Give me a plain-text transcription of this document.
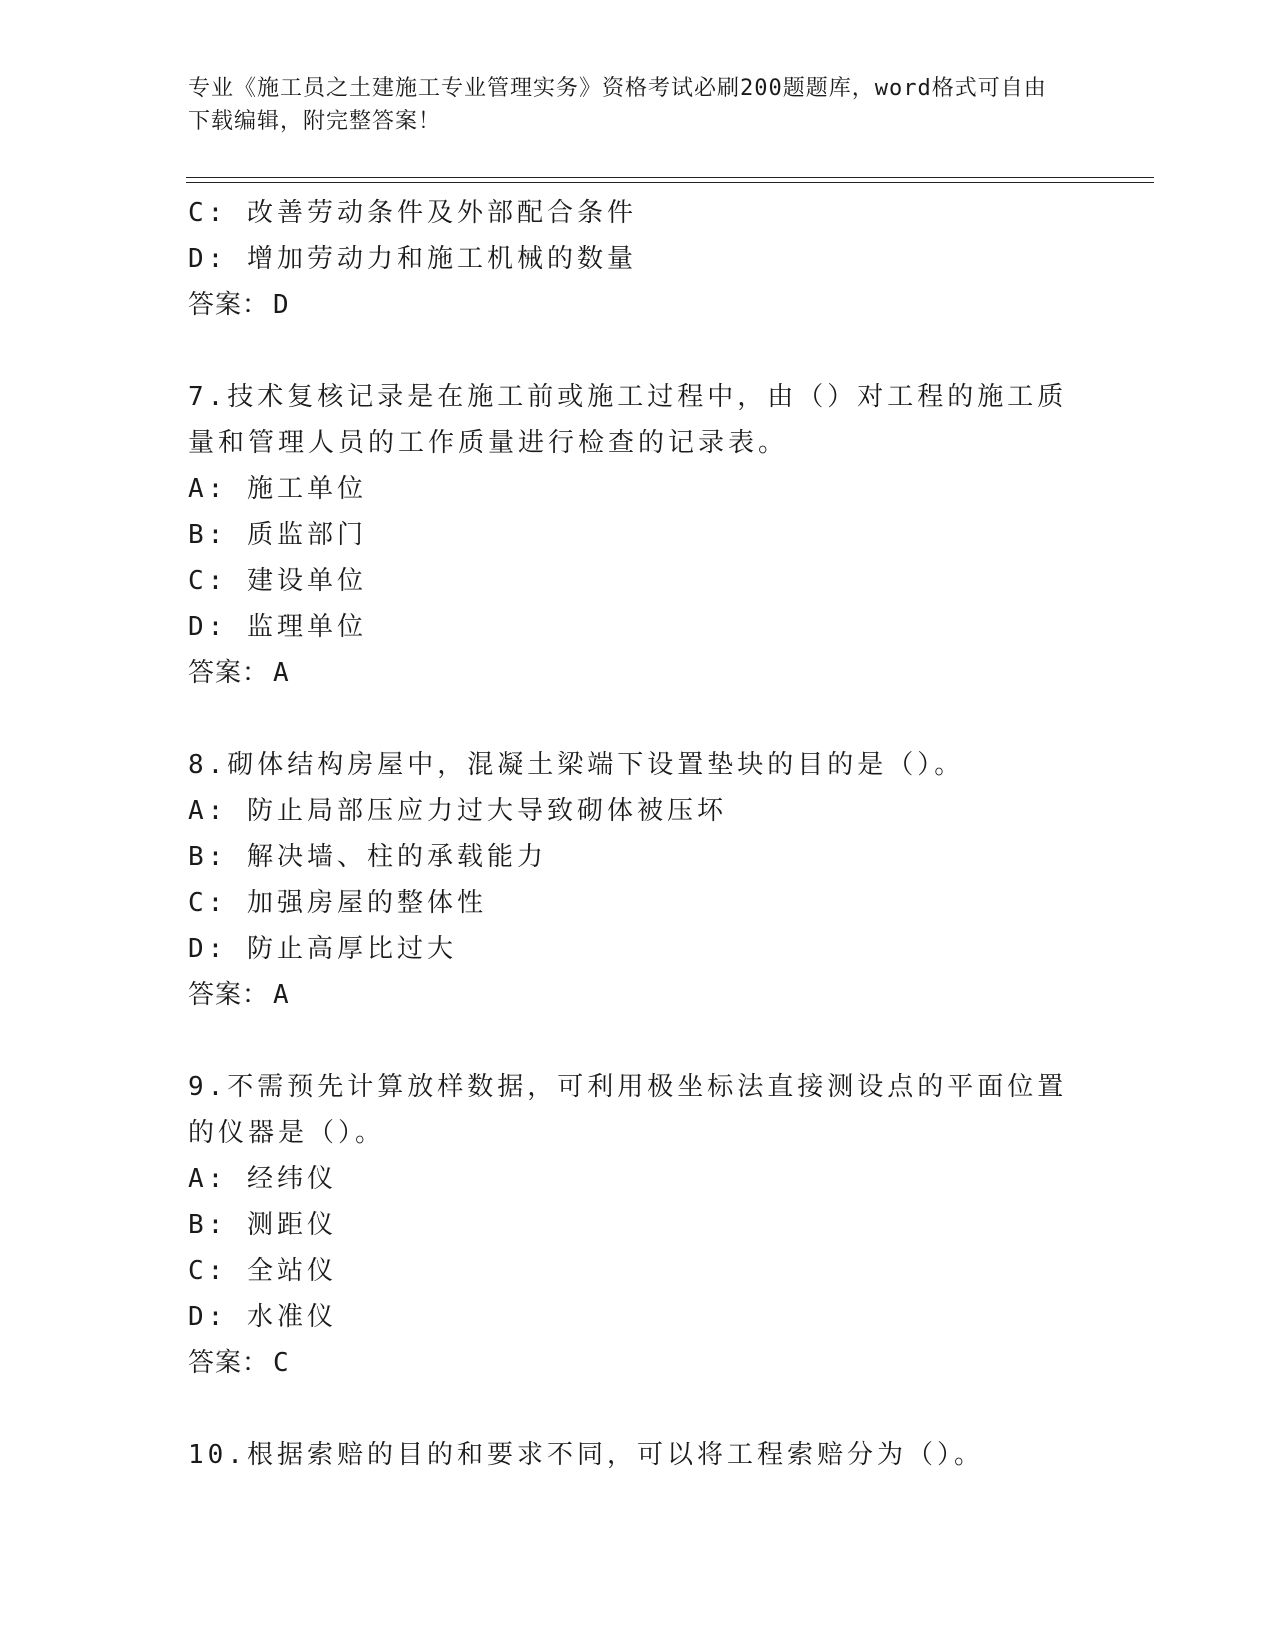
专业《施工员之土建施工专业管理实务》资格考试必刷200题题库，word格式可自由下载编辑，附完整答案！
C: 改善劳动条件及外部配合条件
D: 增加劳动力和施工机械的数量
答案： D
7.技术复核记录是在施工前或施工过程中，由（）对工程的施工质量和管理人员的工作质量进行检查的记录表。
A: 施工单位
B: 质监部门
C: 建设单位
D: 监理单位
答案： A
8.砌体结构房屋中，混凝土梁端下设置垫块的目的是（）。
A: 防止局部压应力过大导致砌体被压坏
B: 解决墙、柱的承载能力
C: 加强房屋的整体性
D: 防止高厚比过大
答案： A
9.不需预先计算放样数据，可利用极坐标法直接测设点的平面位置的仪器是（）。
A: 经纬仪
B: 测距仪
C: 全站仪
D: 水准仪
答案： C
10.根据索赔的目的和要求不同，可以将工程索赔分为（）。
